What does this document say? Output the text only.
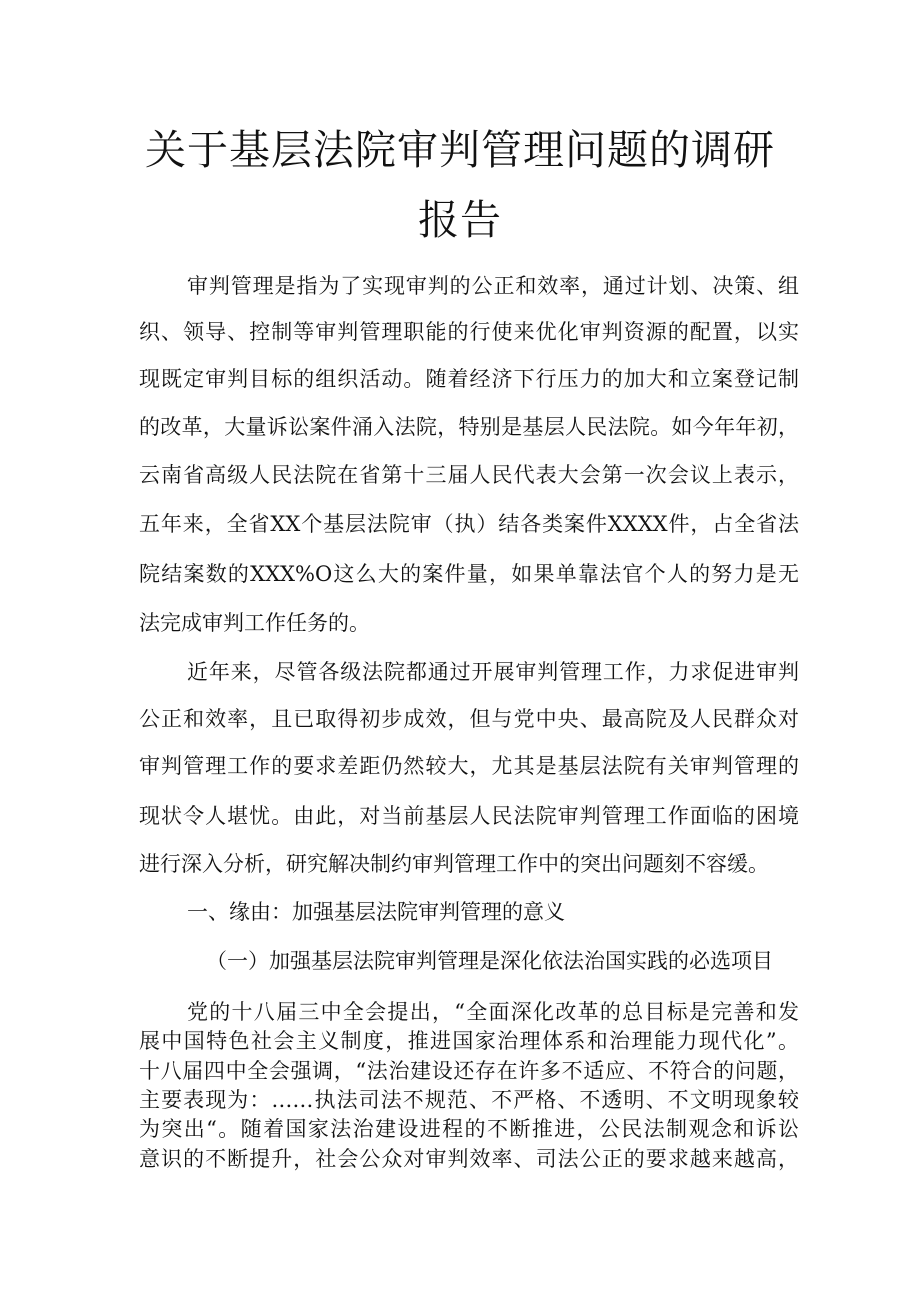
关于基层法院审判管理问题的调研
报告
审判管理是指为了实现审判的公正和效率，通过计划、决策、组
织、领导、控制等审判管理职能的行使来优化审判资源的配置，以实
现既定审判目标的组织活动。随着经济下行压力的加大和立案登记制
的改革，大量诉讼案件涌入法院，特别是基层人民法院。如今年年初，
云南省高级人民法院在省第十三届人民代表大会第一次会议上表示，
五年来，全省XX个基层法院审（执）结各类案件XXXX件，占全省法
院结案数的XXX%O这么大的案件量，如果单靠法官个人的努力是无
法完成审判工作任务的。
近年来，尽管各级法院都通过开展审判管理工作，力求促进审判
公正和效率，且已取得初步成效，但与党中央、最高院及人民群众对
审判管理工作的要求差距仍然较大，尤其是基层法院有关审判管理的
现状令人堪忧。由此，对当前基层人民法院审判管理工作面临的困境
进行深入分析，研究解决制约审判管理工作中的突出问题刻不容缓。
一、缘由：加强基层法院审判管理的意义
（一）加强基层法院审判管理是深化依法治国实践的必选项目
党的十八届三中全会提出，“全面深化改革的总目标是完善和发
展中国特色社会主义制度，推进国家治理体系和治理能力现代化”。
十八届四中全会强调，“法治建设还存在许多不适应、不符合的问题，
主要表现为：……执法司法不规范、不严格、不透明、不文明现象较
为突出“。随着国家法治建设进程的不断推进，公民法制观念和诉讼
意识的不断提升，社会公众对审判效率、司法公正的要求越来越高，
